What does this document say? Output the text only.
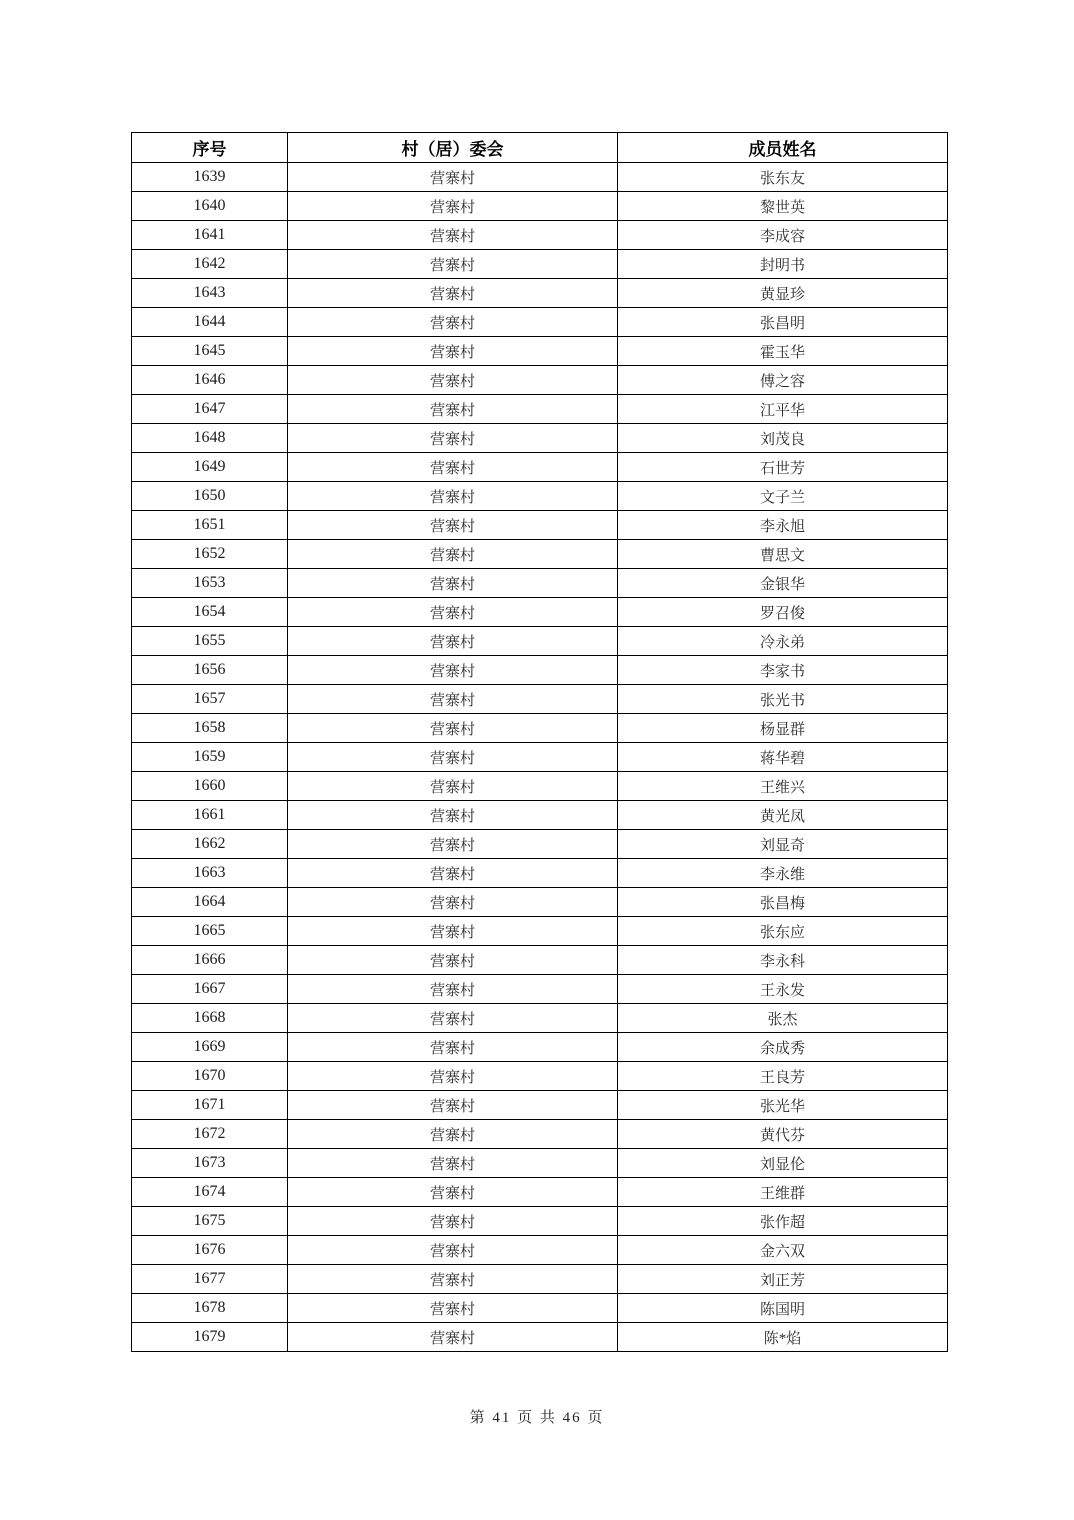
序号	村（居）委会	成员姓名
1639	营寨村	张东友
1640	营寨村	黎世英
1641	营寨村	李成容
1642	营寨村	封明书
1643	营寨村	黄显珍
1644	营寨村	张昌明
1645	营寨村	霍玉华
1646	营寨村	傅之容
1647	营寨村	江平华
1648	营寨村	刘茂良
1649	营寨村	石世芳
1650	营寨村	文子兰
1651	营寨村	李永旭
1652	营寨村	曹思文
1653	营寨村	金银华
1654	营寨村	罗召俊
1655	营寨村	冷永弟
1656	营寨村	李家书
1657	营寨村	张光书
1658	营寨村	杨显群
1659	营寨村	蒋华碧
1660	营寨村	王维兴
1661	营寨村	黄光凤
1662	营寨村	刘显奇
1663	营寨村	李永维
1664	营寨村	张昌梅
1665	营寨村	张东应
1666	营寨村	李永科
1667	营寨村	王永发
1668	营寨村	张杰
1669	营寨村	余成秀
1670	营寨村	王良芳
1671	营寨村	张光华
1672	营寨村	黄代芬
1673	营寨村	刘显伦
1674	营寨村	王维群
1675	营寨村	张作超
1676	营寨村	金六双
1677	营寨村	刘正芳
1678	营寨村	陈国明
1679	营寨村	陈*焰
第 41 页 共 46 页
